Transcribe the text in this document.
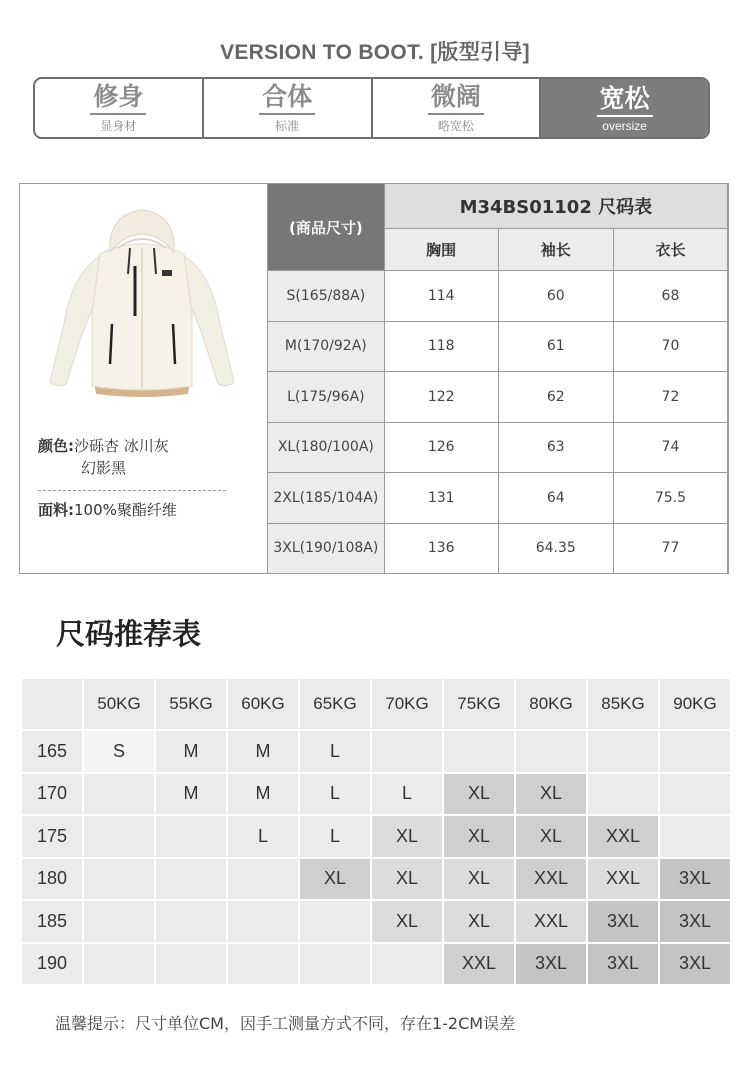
VERSION TO BOOT. [版型引导]
修身
显身材
合体
标准
微阔
略宽松
宽松
oversize
颜色:沙砾杏 冰川灰
幻影黑
面料:100%聚酯纤维
(商品尺寸)	M34BS01102 尺码表		
	胸围	袖长	衣长
S(165/88A)	114	60	68
M(170/92A)	118	61	70
L(175/96A)	122	62	72
XL(180/100A)	126	63	74
2XL(185/104A)	131	64	75.5
3XL(190/108A)	136	64.35	77
尺码推荐表
	50KG	55KG	60KG	65KG	70KG	75KG	80KG	85KG	90KG
165	S	M	M	L					
170		M	M	L	L	XL	XL		
175			L	L	XL	XL	XL	XXL	
180				XL	XL	XL	XXL	XXL	3XL
185					XL	XL	XXL	3XL	3XL
190						XXL	3XL	3XL	3XL
温馨提示：尺寸单位CM，因手工测量方式不同，存在1-2CM误差
